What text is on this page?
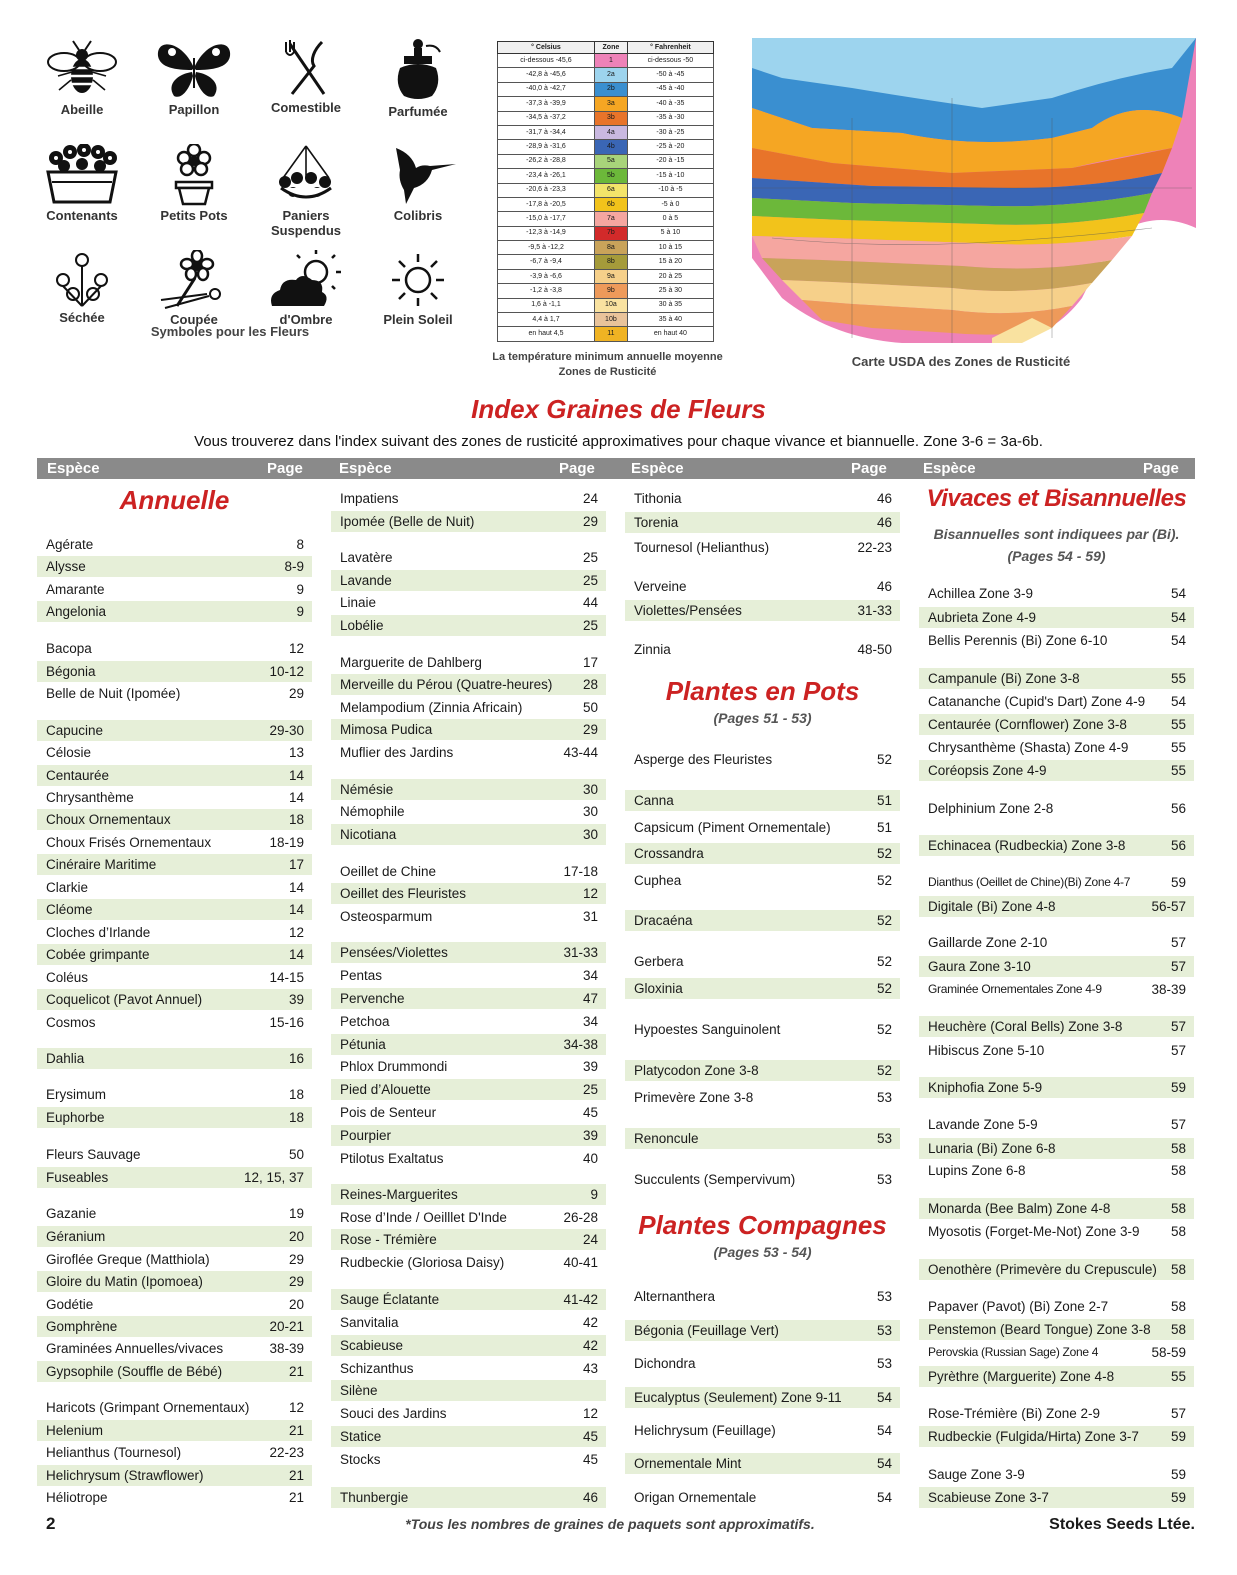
Abeille	Papillon	Comestible	Parfumée
Contenants	Petits Pots	Paniers Suspendus
Colibris
Séchée	Coupée	d'Ombre	Plein Soleil
Symboles pour les Fleurs
° Celsius	Zone	° Fahrenheit
ci-dessous -45,6	1	ci-dessous -50
-42,8 à -45,6	2a	-50 à -45
-40,0 à -42,7	2b	-45 à -40
-37,3 à -39,9	3a	-40 à -35
-34,5 à -37,2	3b	-35 à -30
-31,7 à -34,4	4a	-30 à -25
-28,9 à -31,6	4b	-25 à -20
-26,2 à -28,8	5a	-20 à -15
-23,4 à -26,1	5b	-15 à -10
-20,6 à -23,3	6a	-10 à -5
-17,8 à -20,5	6b	-5 à 0
-15,0 à -17,7	7a	0 à 5
-12,3 à -14,9	7b	5 à 10
-9,5 à -12,2	8a	10 à 15
-6,7 à -9,4	8b	15 à 20
-3,9 à -6,6	9a	20 à 25
-1,2 à -3,8	9b	25 à 30
1,6 à -1,1	10a	30 à 35
4,4 à 1,7	10b	35 à 40
en haut 4,5	11	en haut 40
La température minimum annuelle moyenne
Zones de Rusticité
Carte USDA des Zones de Rusticité
Index Graines de Fleurs
Vous trouverez dans l'index suivant des zones de rusticité approximatives pour chaque vivance et biannuelle. Zone 3-6 = 3a-6b.
Espèce	Page Espèce	Page Espèce	Page Espèce	Page
Annuelle
Agérate	8
Alysse	8-9
Amarante	9
Angelonia	9
Bacopa	12
Bégonia	10-12
Belle de Nuit (Ipomée)	29
Capucine	29-30
Célosie	13
Centaurée	14
Chrysanthème	14
Choux Ornementaux	18
Choux Frisés Ornementaux	18-19
Cinéraire Maritime	17
Clarkie	14
Cléome	14
Cloches d’Irlande	12
Cobée grimpante	14
Coléus	14-15
Coquelicot (Pavot Annuel)	39
Cosmos	15-16
Dahlia	16
Erysimum	18
Euphorbe	18
Fleurs Sauvage	50
Fuseables	12, 15, 37
Gazanie	19
Géranium	20
Giroflée Greque (Matthiola)	29
Gloire du Matin (Ipomoea)	29
Godétie	20
Gomphrène	20-21
Graminées Annuelles/vivaces	38-39
Gypsophile (Souffle de Bébé)	21
Haricots (Grimpant Ornementaux)	12
Helenium	21
Helianthus (Tournesol)	22-23
Helichrysum (Strawflower)	21
Héliotrope	21
Impatiens	24
Ipomée (Belle de Nuit)	29
Lavatère	25
Lavande	25
Linaie	44
Lobélie	25
Marguerite de Dahlberg	17
Merveille du Pérou (Quatre-heures) 28
Melampodium (Zinnia Africain)	50
Mimosa Pudica	29
Muflier des Jardins	43-44
Némésie	30
Némophile	30
Nicotiana	30
Oeillet de Chine	17-18
Oeillet des Fleuristes	12
Osteosparmum	31
Pensées/Violettes	31-33
Pentas	34
Pervenche	47
Petchoa	34
Pétunia	34-38
Phlox Drummondi	39
Pied d’Alouette	25
Pois de Senteur	45
Pourpier	39
Ptilotus Exaltatus	40
Reines-Marguerites	9
Rose d’Inde / Oeilllet D'Inde	26-28
Rose - Trémière	24
Rudbeckie (Gloriosa Daisy)	40-41
Sauge Éclatante	41-42
Sanvitalia	42
Scabieuse	42
Schizanthus	43
Silène
Souci des Jardins	12
Statice	45
Stocks	45
Thunbergie	46
Plantes en Pots
(Pages 51 - 53)
Plantes Compagnes
(Pages 53 - 54)
Tithonia	46
Torenia	46
Tournesol (Helianthus)	22-23
Verveine	46
Violettes/Pensées	31-33
Zinnia	48-50
Asperge des Fleuristes	52
Canna	51
Capsicum (Piment Ornementale)	51
Crossandra	52
Cuphea	52
Dracaéna	52
Gerbera	52
Gloxinia	52
Hypoestes Sanguinolent	52
Platycodon Zone 3-8	52
Primevère Zone 3-8	53
Renoncule	53
Succulents (Sempervivum)	53
Alternanthera	53
Bégonia (Feuillage Vert)	53
Dichondra	53
Eucalyptus (Seulement) Zone 9-11	54
Helichrysum (Feuillage)	54
Ornementale Mint	54
Origan Ornementale	54
Vivaces et Bisannuelles
Bisannuelles sont indiquees par (Bi).
(Pages 54 - 59)
Achillea Zone 3-9	54
Aubrieta Zone 4-9	54
Bellis Perennis (Bi) Zone 6-10	54
Campanule (Bi) Zone 3-8	55
Catananche (Cupid's Dart) Zone 4-9 54
Centaurée (Cornflower) Zone 3-8	55
Chrysanthème (Shasta) Zone 4-9	55
Coréopsis Zone 4-9	55
Delphinium Zone 2-8	56
Echinacea (Rudbeckia) Zone 3-8	56
Dianthus (Oeillet de Chine)(Bi) Zone 4-7	59
Digitale (Bi) Zone 4-8	56-57
Gaillarde Zone 2-10	57
Gaura Zone 3-10	57
Graminée Ornementales Zone 4-9	38-39
Heuchère (Coral Bells) Zone 3-8	57
Hibiscus Zone 5-10	57
Kniphofia Zone 5-9	59
Lavande Zone 5-9	57
Lunaria (Bi) Zone 6-8	58
Lupins Zone 6-8	58
Monarda (Bee Balm) Zone 4-8	58
Myosotis (Forget-Me-Not) Zone 3-9 58
Oenothère (Primevère du Crepuscule) 58
Papaver (Pavot) (Bi) Zone 2-7	58
Penstemon (Beard Tongue) Zone 3-8 58
Perovskia (Russian Sage) Zone 4	58-59
Pyrèthre (Marguerite) Zone 4-8	55
Rose-Trémière (Bi) Zone 2-9	57
Rudbeckie (Fulgida/Hirta) Zone 3-7 59
Sauge Zone 3-9	59
Scabieuse Zone 3-7	59
2	*Tous les nombres de graines de paquets sont approximatifs.	Stokes Seeds Ltée.
